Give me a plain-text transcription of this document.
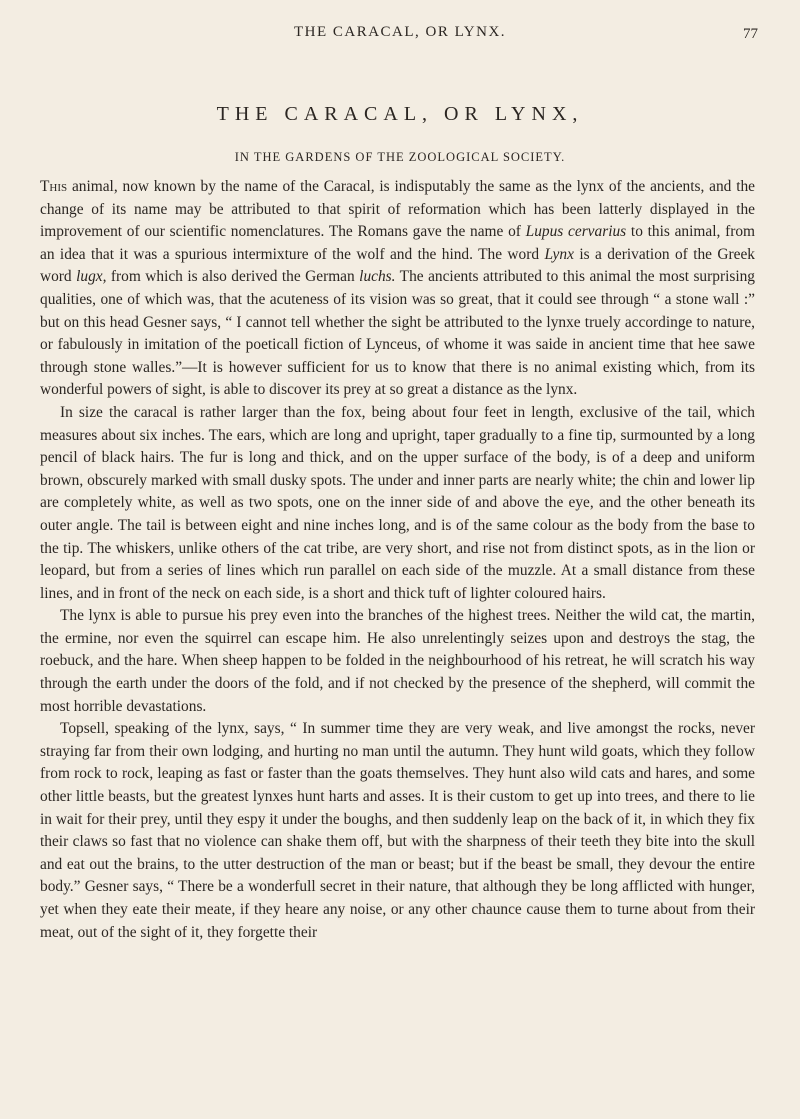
THE CARACAL, OR LYNX.	77
THE CARACAL, OR LYNX,
IN THE GARDENS OF THE ZOOLOGICAL SOCIETY.

This animal, now known by the name of the Caracal, is indisputably the same as the lynx of the ancients, and the change of its name may be attributed to that spirit of reformation which has been latterly displayed in the improvement of our scientific nomenclatures. The Romans gave the name of Lupus cervarius to this animal, from an idea that it was a spurious intermixture of the wolf and the hind. The word Lynx is a derivation of the Greek word lugx, from which is also derived the German luchs. The ancients attributed to this animal the most surprising qualities, one of which was, that the acuteness of its vision was so great, that it could see through “ a stone wall :” but on this head Gesner says, “ I cannot tell whether the sight be attributed to the lynxe truely accordinge to nature, or fabulously in imitation of the poeticall fiction of Lynceus, of whome it was saide in ancient time that hee sawe through stone walles.”—It is however sufficient for us to know that there is no animal existing which, from its wonderful powers of sight, is able to discover its prey at so great a distance as the lynx.

In size the caracal is rather larger than the fox, being about four feet in length, exclusive of the tail, which measures about six inches. The ears, which are long and upright, taper gradually to a fine tip, surmounted by a long pencil of black hairs. The fur is long and thick, and on the upper surface of the body, is of a deep and uniform brown, obscurely marked with small dusky spots. The under and inner parts are nearly white; the chin and lower lip are completely white, as well as two spots, one on the inner side of and above the eye, and the other beneath its outer angle. The tail is between eight and nine inches long, and is of the same colour as the body from the base to the tip. The whiskers, unlike others of the cat tribe, are very short, and rise not from distinct spots, as in the lion or leopard, but from a series of lines which run parallel on each side of the muzzle. At a small distance from these lines, and in front of the neck on each side, is a short and thick tuft of lighter coloured hairs.

The lynx is able to pursue his prey even into the branches of the highest trees. Neither the wild cat, the martin, the ermine, nor even the squirrel can escape him. He also unrelentingly seizes upon and destroys the stag, the roebuck, and the hare. When sheep happen to be folded in the neighbourhood of his retreat, he will scratch his way through the earth under the doors of the fold, and if not checked by the presence of the shepherd, will commit the most horrible devastations.

Topsell, speaking of the lynx, says, “ In summer time they are very weak, and live amongst the rocks, never straying far from their own lodging, and hurting no man until the autumn. They hunt wild goats, which they follow from rock to rock, leaping as fast or faster than the goats themselves. They hunt also wild cats and hares, and some other little beasts, but the greatest lynxes hunt harts and asses. It is their custom to get up into trees, and there to lie in wait for their prey, until they espy it under the boughs, and then suddenly leap on the back of it, in which they fix their claws so fast that no violence can shake them off, but with the sharpness of their teeth they bite into the skull and eat out the brains, to the utter destruction of the man or beast; but if the beast be small, they devour the entire body.” Gesner says, “ There be a wonderfull secret in their nature, that although they be long afflicted with hunger, yet when they eate their meate, if they heare any noise, or any other chaunce cause them to turne about from their meat, out of the sight of it, they forgette their
